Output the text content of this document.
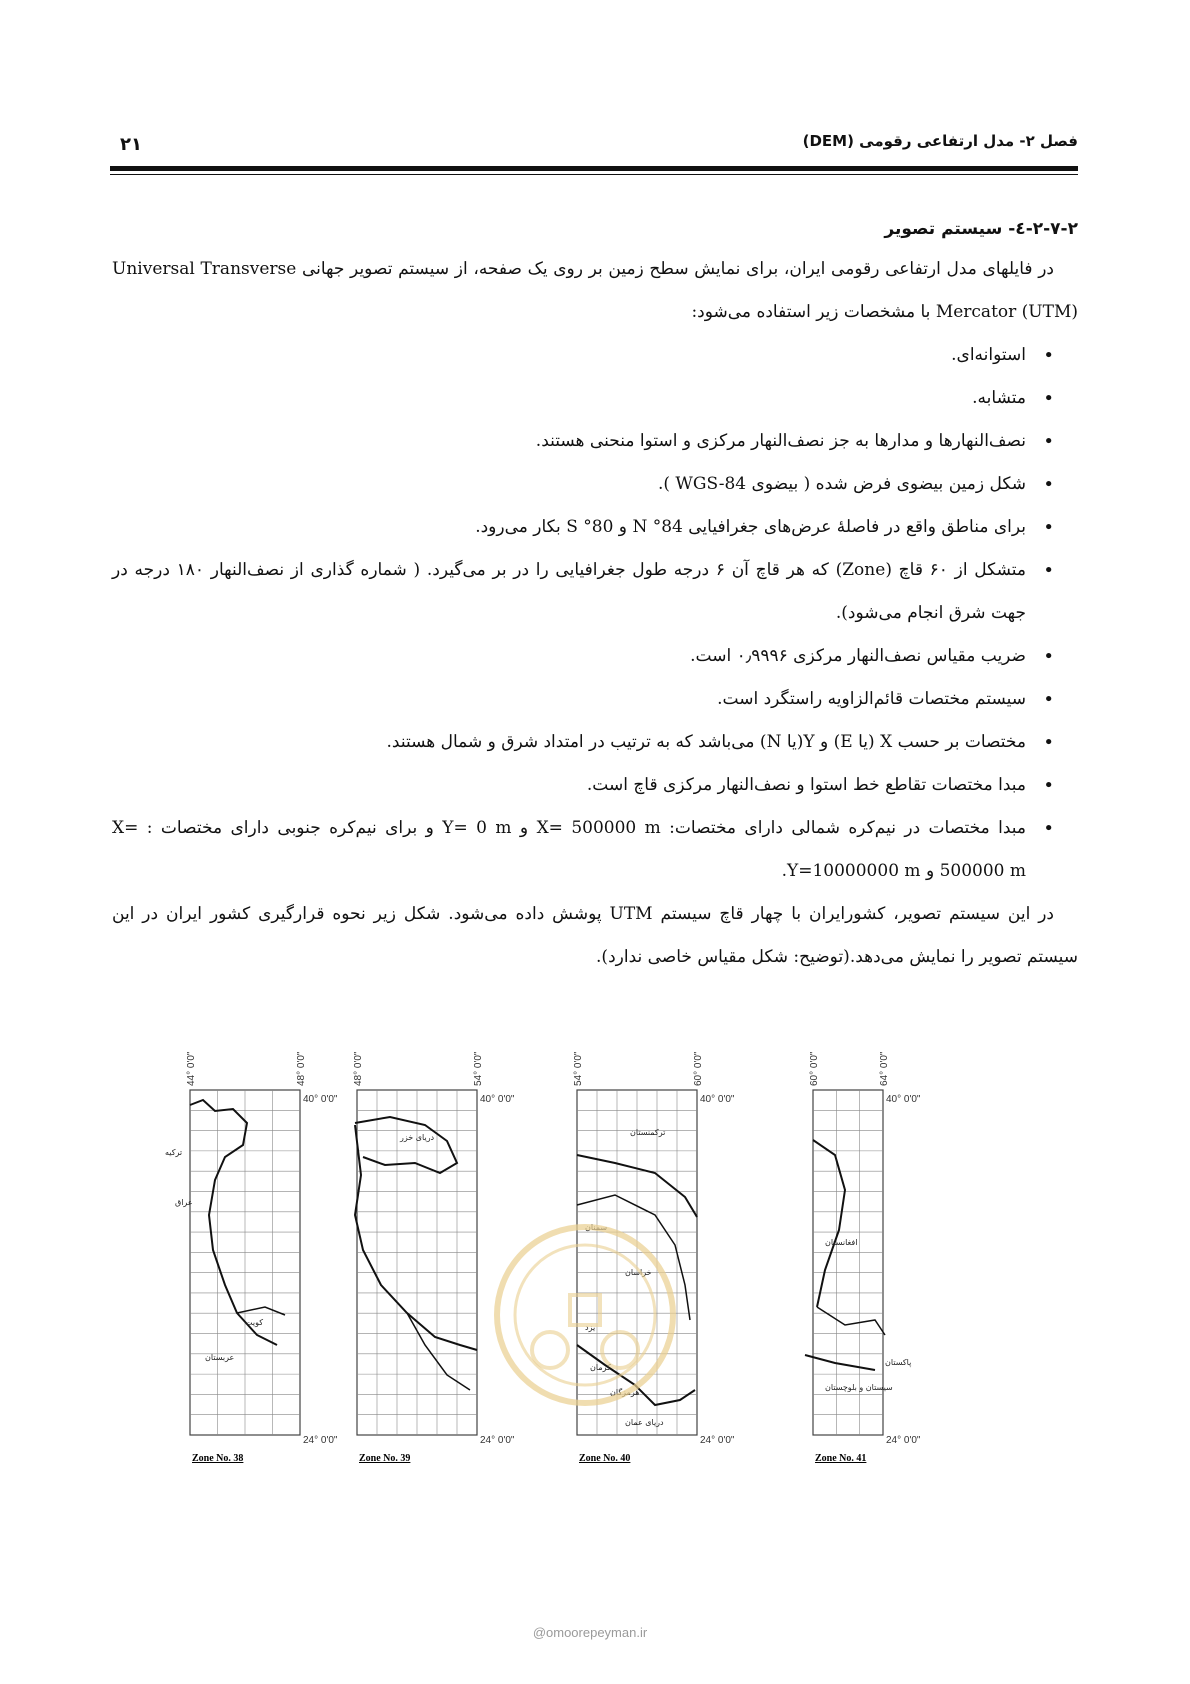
فصل ۲- مدل ارتفاعی رقومی (DEM)
۲۱
۲-۷-۲-٤- سیستم تصویر

در فایلهای مدل ارتفاعی رقومی ایران، برای نمایش سطح زمین بر روی یک صفحه، از سیستم تصویر جهانی Universal Transverse Mercator (UTM) با مشخصات زیر استفاده می‌شود:

• استوانه‌ای.
• متشابه.
• نصف‌النهارها و مدارها به جز نصف‌النهار مرکزی و استوا منحنی هستند.
• شکل زمین بیضوی فرض شده ( بیضوی WGS-84 ).
• برای مناطق واقع در فاصلهٔ عرض‌های جغرافیایی 84° N و 80° S بکار می‌رود.
• متشکل از ۶۰ قاچ (Zone) که هر قاچ آن ۶ درجه طول جغرافیایی را در بر می‌گیرد. ( شماره گذاری از نصف‌النهار ۱۸۰ درجه در جهت شرق انجام می‌شود).
• ضریب مقیاس نصف‌النهار مرکزی ۰٫۹۹۹۶ است.
• سیستم مختصات قائم‌الزاویه راستگرد است.
• مختصات بر حسب X (یا E) و Y(یا N) می‌باشد که به ترتیب در امتداد شرق و شمال هستند.
• مبدا مختصات تقاطع خط استوا و نصف‌النهار مرکزی قاچ است.
• مبدا مختصات در نیم‌کره شمالی دارای مختصات: X= 500000 m و Y= 0 m و برای نیم‌کره جنوبی دارای مختصات : X= 500000 m و Y=10000000 m.

در این سیستم تصویر، کشورایران با چهار قاچ سیستم UTM پوشش داده می‌شود. شکل زیر نحوه قرارگیری کشور ایران در این سیستم تصویر را نمایش می‌دهد.(توضیح: شکل مقیاس خاصی ندارد).

44° 0'0"	48° 0'0"
40° 0'0"
24° 0'0"
Zone No. 38
48° 0'0"	54° 0'0"
40° 0'0"
24° 0'0"
Zone No. 39
54° 0'0"	60° 0'0"
40° 0'0"
24° 0'0"
Zone No. 40
60° 0'0"	64° 0'0"
40° 0'0"
24° 0'0"
Zone No. 41
ترکیه
عراق
کویت
عربستان
دریای خزر
ترکمنستان
سمنان
خراسان
یزد
کرمان
هرمزگان
دریای عمان
افغانستان
پاکستان
سیستان و بلوچستان
@omoorepeyman.ir
